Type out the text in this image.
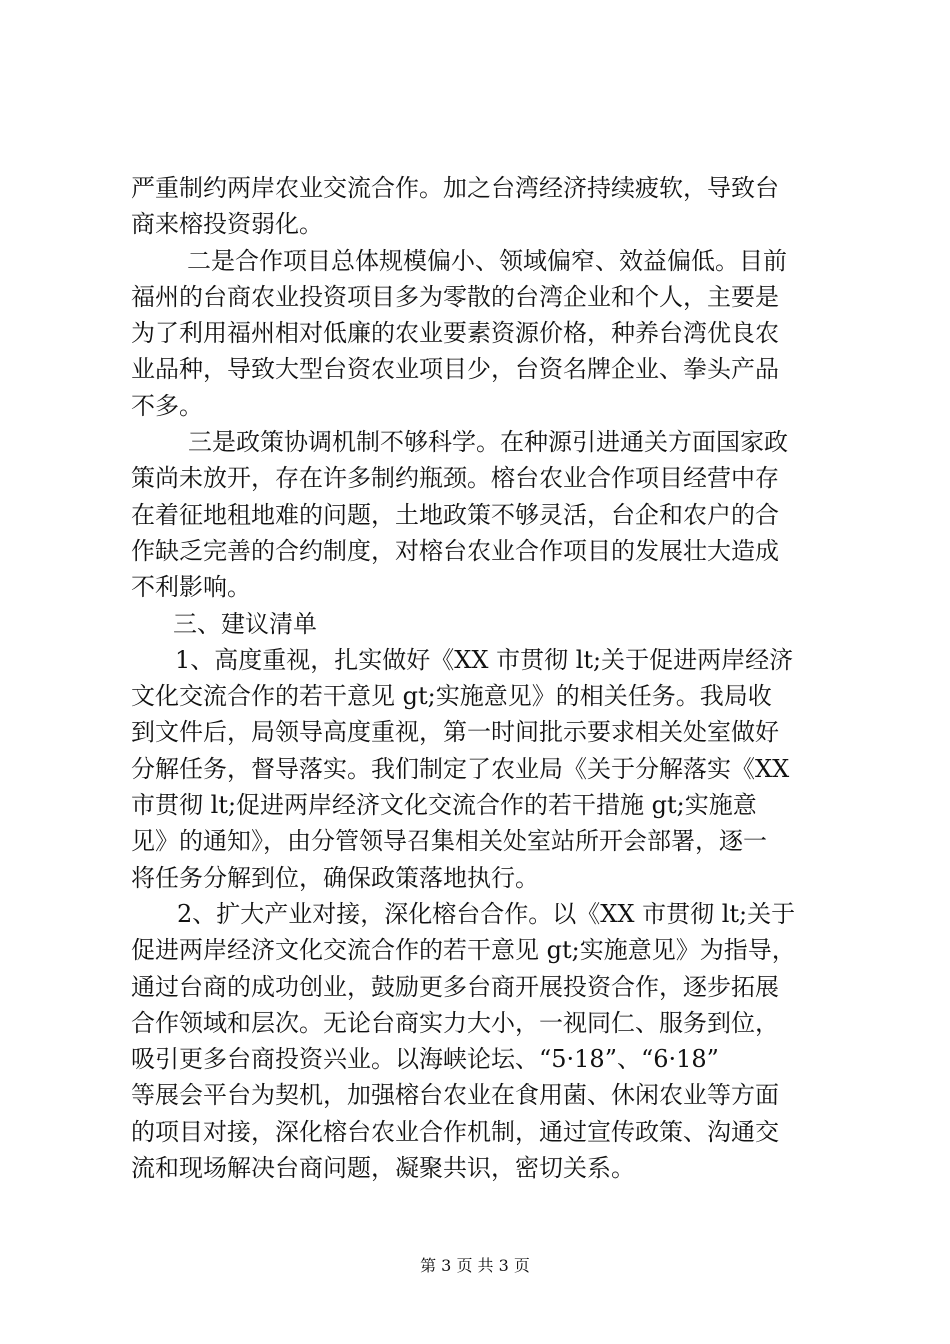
严重制约两岸农业交流合作。加之台湾经济持续疲软，导致台
商来榕投资弱化。
二是合作项目总体规模偏小、领域偏窄、效益偏低。目前
福州的台商农业投资项目多为零散的台湾企业和个人，主要是
为了利用福州相对低廉的农业要素资源价格，种养台湾优良农
业品种，导致大型台资农业项目少，台资名牌企业、拳头产品
不多。
三是政策协调机制不够科学。在种源引进通关方面国家政
策尚未放开，存在许多制约瓶颈。榕台农业合作项目经营中存
在着征地租地难的问题，土地政策不够灵活，台企和农户的合
作缺乏完善的合约制度，对榕台农业合作项目的发展壮大造成
不利影响。
三、建议清单
1、高度重视，扎实做好《XX 市贯彻 lt;关于促进两岸经济
文化交流合作的若干意见 gt;实施意见》的相关任务。我局收
到文件后，局领导高度重视，第一时间批示要求相关处室做好
分解任务，督导落实。我们制定了农业局《关于分解落实《XX
市贯彻 lt;促进两岸经济文化交流合作的若干措施 gt;实施意
见》的通知》，由分管领导召集相关处室站所开会部署，逐一
将任务分解到位，确保政策落地执行。
2、扩大产业对接，深化榕台合作。以《XX 市贯彻 lt;关于
促进两岸经济文化交流合作的若干意见 gt;实施意见》为指导，
通过台商的成功创业，鼓励更多台商开展投资合作，逐步拓展
合作领域和层次。无论台商实力大小，一视同仁、服务到位，
吸引更多台商投资兴业。以海峡论坛、“5·18”、“6·18”
等展会平台为契机，加强榕台农业在食用菌、休闲农业等方面
的项目对接，深化榕台农业合作机制，通过宣传政策、沟通交
流和现场解决台商问题，凝聚共识，密切关系。
第 3 页 共 3 页
